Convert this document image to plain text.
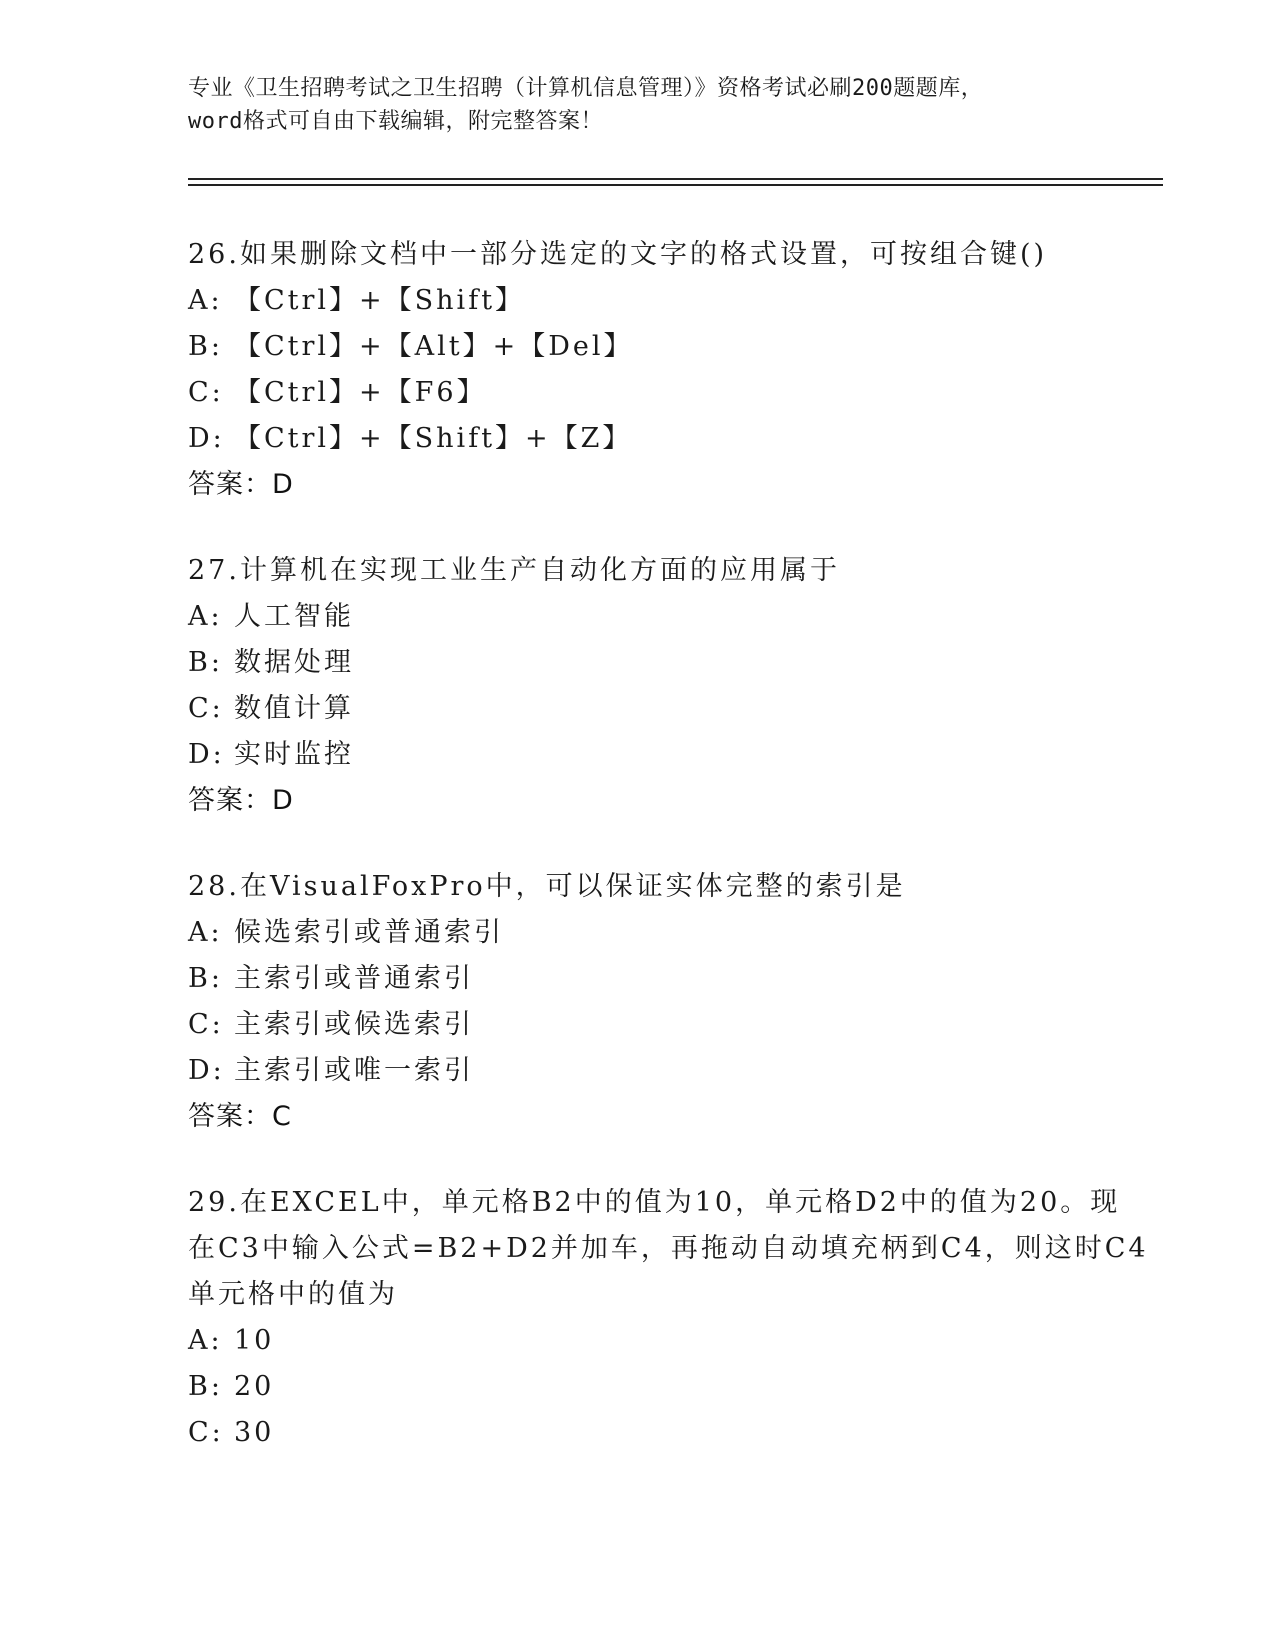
专业《卫生招聘考试之卫生招聘（计算机信息管理）》资格考试必刷200题题库，
word格式可自由下载编辑，附完整答案！
26.如果删除文档中一部分选定的文字的格式设置，可按组合键()
A: 【Ctrl】+【Shift】
B: 【Ctrl】+【Alt】+【Del】
C: 【Ctrl】+【F6】
D: 【Ctrl】+【Shift】+【Z】
答案：D
27.计算机在实现工业生产自动化方面的应用属于
A: 人工智能
B: 数据处理
C: 数值计算
D: 实时监控
答案：D
28.在VisualFoxPro中，可以保证实体完整的索引是
A: 候选索引或普通索引
B: 主索引或普通索引
C: 主索引或候选索引
D: 主索引或唯一索引
答案：C
29.在EXCEL中，单元格B2中的值为10，单元格D2中的值为20。现
在C3中输入公式=B2+D2并加车，再拖动自动填充柄到C4，则这时C4
单元格中的值为
A: 10
B: 20
C: 30
